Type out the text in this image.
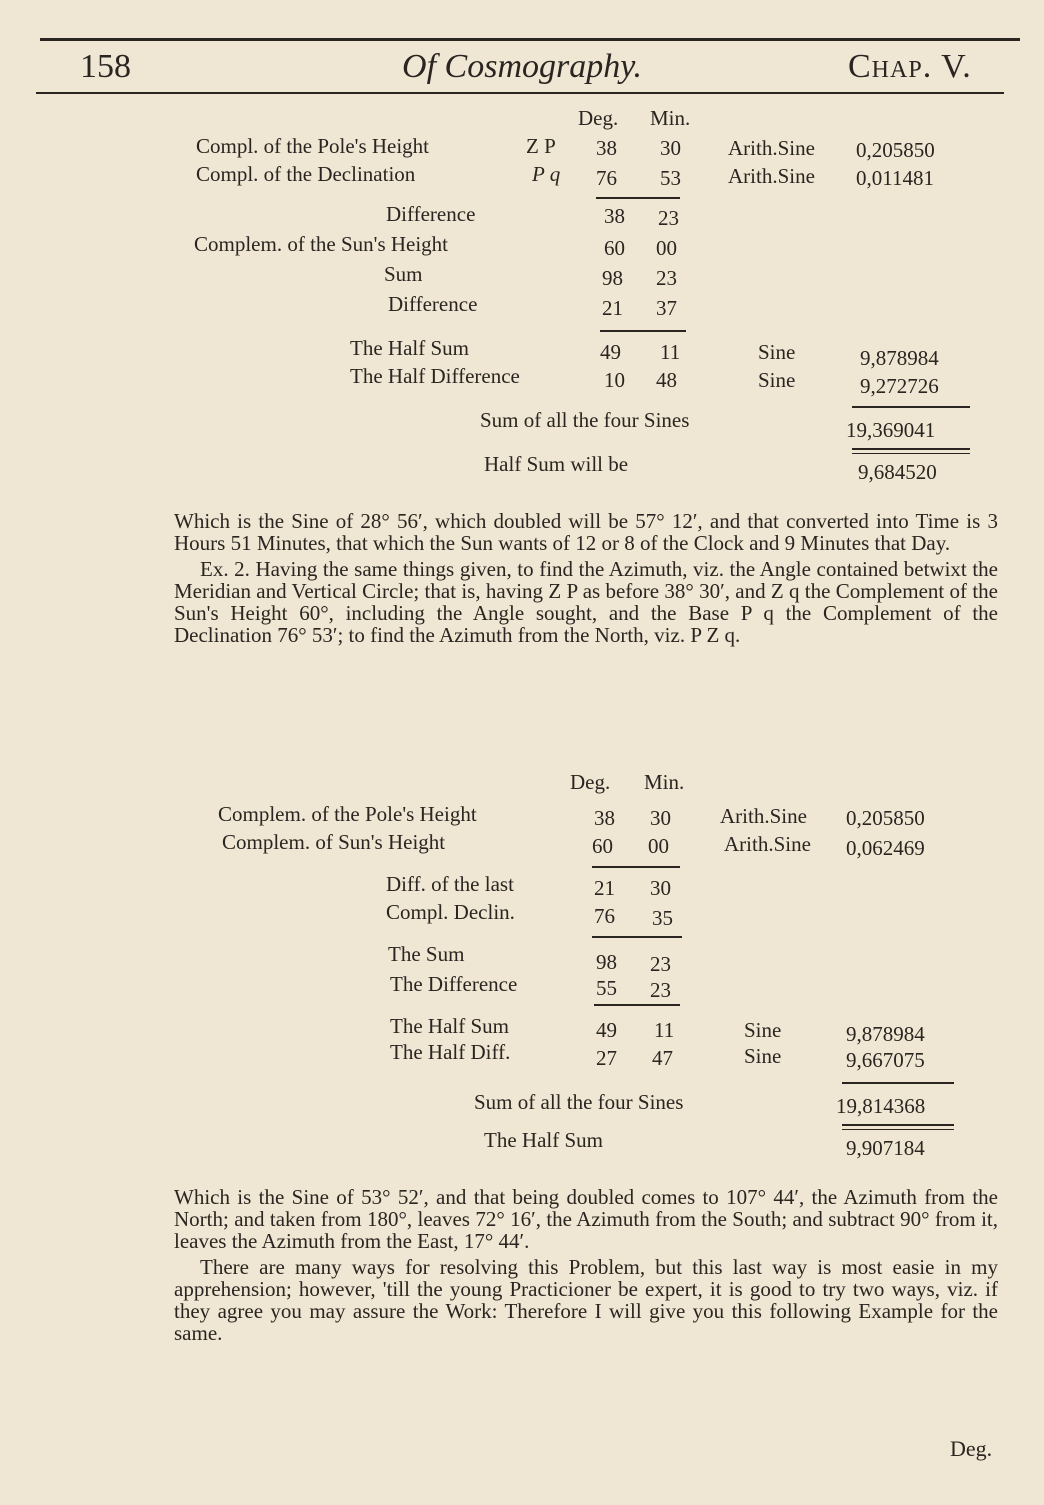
158	Of Cosmography.	Chap. V.
Deg. Min.
Compl. of the Pole's Height	Z P 38 30 Arith.Sine 0,205850
Compl. of the Declination	P q 76 53 Arith.Sine 0,011481
Difference	38 23
Complem. of the Sun's Height	60 00
Sum	98 23
Difference	21 37
The Half Sum	49 11	Sine	9,878984
The Half Difference	10 48	Sine	9,272726
Sum of all the four Sines	19,369041
Half Sum will be	9,684520

Which is the Sine of 28° 56′, which doubled will be 57° 12′, and that converted into Time is 3 Hours 51 Minutes, that which the Sun wants of 12 or 8 of the Clock and 9 Minutes that Day.

Ex. 2. Having the same things given, to find the Azimuth, viz. the Angle contained betwixt the Meridian and Vertical Circle; that is, having Z P as before 38° 30′, and Z q the Complement of the Sun's Height 60°, including the Angle sought, and the Base P q the Complement of the Declination 76° 53′; to find the Azimuth from the North, viz. P Z q.

Deg. Min.
Complem. of the Pole's Height	38 30 Arith.Sine 0,205850
Complem. of Sun's Height	60 00	Arith.Sine 0,062469
Diff. of the last	21 30
Compl. Declin.	76 35
The Sum	98 23
The Difference	55 23
The Half Sum	49 11	Sine	9,878984
The Half Diff.	27 47	Sine	9,667075
Sum of all the four Sines	19,814368
The Half Sum	9,907184

Which is the Sine of 53° 52′, and that being doubled comes to 107° 44′, the Azimuth from the North; and taken from 180°, leaves 72° 16′, the Azimuth from the South; and subtract 90° from it, leaves the Azimuth from the East, 17° 44′.

There are many ways for resolving this Problem, but this last way is most easie in my apprehension; however, 'till the young Practicioner be expert, it is good to try two ways, viz. if they agree you may assure the Work: Therefore I will give you this following Example for the same.

Deg.
